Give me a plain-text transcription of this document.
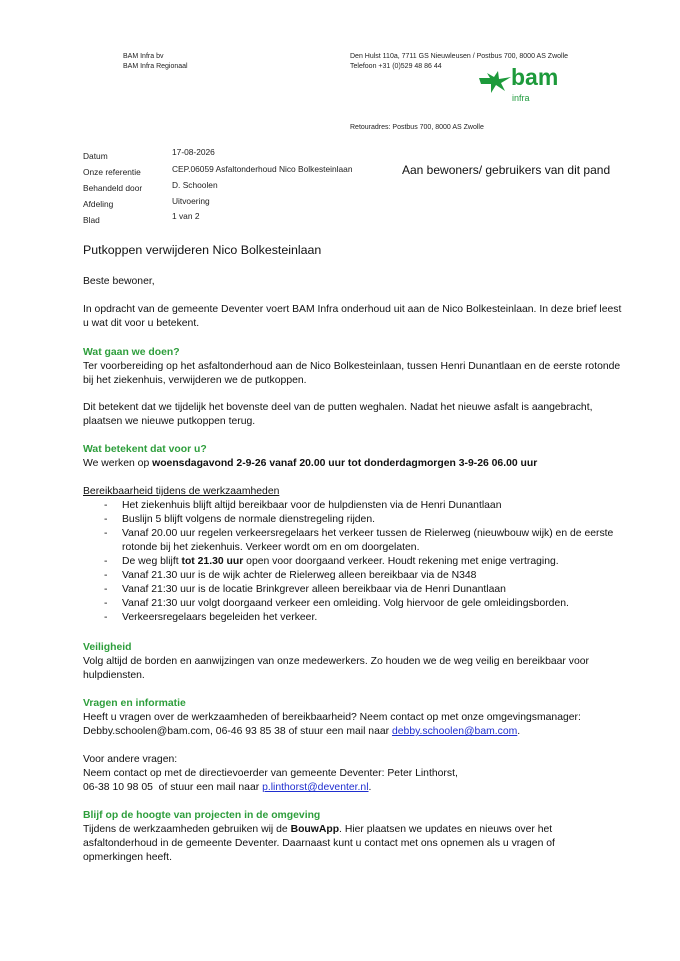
BAM Infra bv
BAM Infra Regionaal
Den Hulst 110a, 7711 GS Nieuwleusen / Postbus 700, 8000 AS Zwolle
Telefoon +31 (0)529 48 86 44	bam
infra
Retouradres: Postbus 700, 8000 AS Zwolle
Datum
Onze referentie
Behandeld door
Afdeling
Blad
17-08-2026
CEP.06059 Asfaltonderhoud Nico Bolkesteinlaan
D. Schoolen
Uitvoering
1 van 2
Aan bewoners/ gebruikers van dit pand
Putkoppen verwijderen Nico Bolkesteinlaan
Beste bewoner,
In opdracht van de gemeente Deventer voert BAM Infra onderhoud uit aan de Nico Bolkesteinlaan. In deze brief leest u wat dit voor u betekent.
Wat gaan we doen?
Ter voorbereiding op het asfaltonderhoud aan de Nico Bolkesteinlaan, tussen Henri Dunantlaan en de eerste rotonde bij het ziekenhuis, verwijderen we de putkoppen.
Dit betekent dat we tijdelijk het bovenste deel van de putten weghalen. Nadat het nieuwe asfalt is aangebracht, plaatsen we nieuwe putkoppen terug.
Wat betekent dat voor u?
We werken op woensdagavond 2-9-26 vanaf 20.00 uur tot donderdagmorgen 3-9-26 06.00 uur
Bereikbaarheid tijdens de werkzaamheden

- Het ziekenhuis blijft altijd bereikbaar voor de hulpdiensten via de Henri Dunantlaan

- Buslijn 5 blijft volgens de normale dienstregeling rijden.

- Vanaf 20.00 uur regelen verkeersregelaars het verkeer tussen de Rielerweg (nieuwbouw wijk) en de eerste rotonde bij het ziekenhuis. Verkeer wordt om en om doorgelaten.

- De weg blijft tot 21.30 uur open voor doorgaand verkeer. Houdt rekening met enige vertraging.

- Vanaf 21.30 uur is de wijk achter de Rielerweg alleen bereikbaar via de N348

- Vanaf 21:30 uur is de locatie Brinkgrever alleen bereikbaar via de Henri Dunantlaan

- Vanaf 21:30 uur volgt doorgaand verkeer een omleiding. Volg hiervoor de gele omleidingsborden.

- Verkeersregelaars begeleiden het verkeer.

Veiligheid
Volg altijd de borden en aanwijzingen van onze medewerkers. Zo houden we de weg veilig en bereikbaar voor hulpdiensten.
Vragen en informatie
Heeft u vragen over de werkzaamheden of bereikbaarheid? Neem contact op met onze omgevingsmanager:
Debby.schoolen@bam.com, 06-46 93 85 38 of stuur een mail naar debby.schoolen@bam.com.
Voor andere vragen:
Neem contact op met de directievoerder van gemeente Deventer: Peter Linthorst,
06-38 10 98 05  of stuur een mail naar p.linthorst@deventer.nl.
Blijf op de hoogte van projecten in de omgeving
Tijdens de werkzaamheden gebruiken wij de BouwApp. Hier plaatsen we updates en nieuws over het asfaltonderhoud in de gemeente Deventer. Daarnaast kunt u contact met ons opnemen als u vragen of opmerkingen heeft.
